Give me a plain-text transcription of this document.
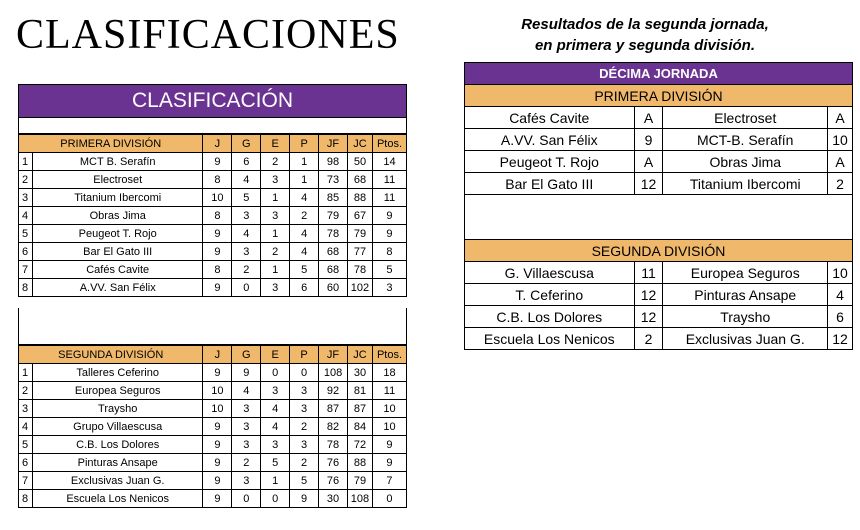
CLASIFICACIONES	Resultados de la segunda jornada,
en primera y segunda división.
CLASIFICACIÓN
PRIMERA DIVISIÓN		J	G	E	P	JF	JC	Ptos.
1	MCT B. Serafín	9	6	2	1	98	50	14
2	Electroset	8	4	3	1	73	68	11
3	Titanium Ibercomi	10	5	1	4	85	88	11
4	Obras Jima	8	3	3	2	79	67	9
5	Peugeot T. Rojo	9	4	1	4	78	79	9
6	Bar El Gato III	9	3	2	4	68	77	8
7	Cafés Cavite	8	2	1	5	68	78	5
8	A.VV. San Félix	9	0	3	6	60	102	3
SEGUNDA DIVISIÓN		J	G	E	P	JF	JC	Ptos.
1	Talleres Ceferino	9	9	0	0	108	30	18
2	Europea Seguros	10	4	3	3	92	81	11
3	Traysho	10	3	4	3	87	87	10
4	Grupo Villaescusa	9	3	4	2	82	84	10
5	C.B. Los Dolores	9	3	3	3	78	72	9
6	Pinturas Ansape	9	2	5	2	76	88	9
7	Exclusivas Juan G.	9	3	1	5	76	79	7
8	Escuela Los Nenicos	9	0	0	9	30	108	0
DÉCIMA JORNADA			
PRIMERA DIVISIÓN			
Cafés Cavite	A	Electroset	A
A.VV. San Félix	9	MCT-B. Serafín	10
Peugeot T. Rojo	A	Obras Jima	A
Bar El Gato III	12	Titanium Ibercomi	2

SEGUNDA DIVISIÓN			
G. Villaescusa	11	Europea Seguros	10
T. Ceferino	12	Pinturas Ansape	4
C.B. Los Dolores	12	Traysho	6
Escuela Los Nenicos	2	Exclusivas Juan G.	12
